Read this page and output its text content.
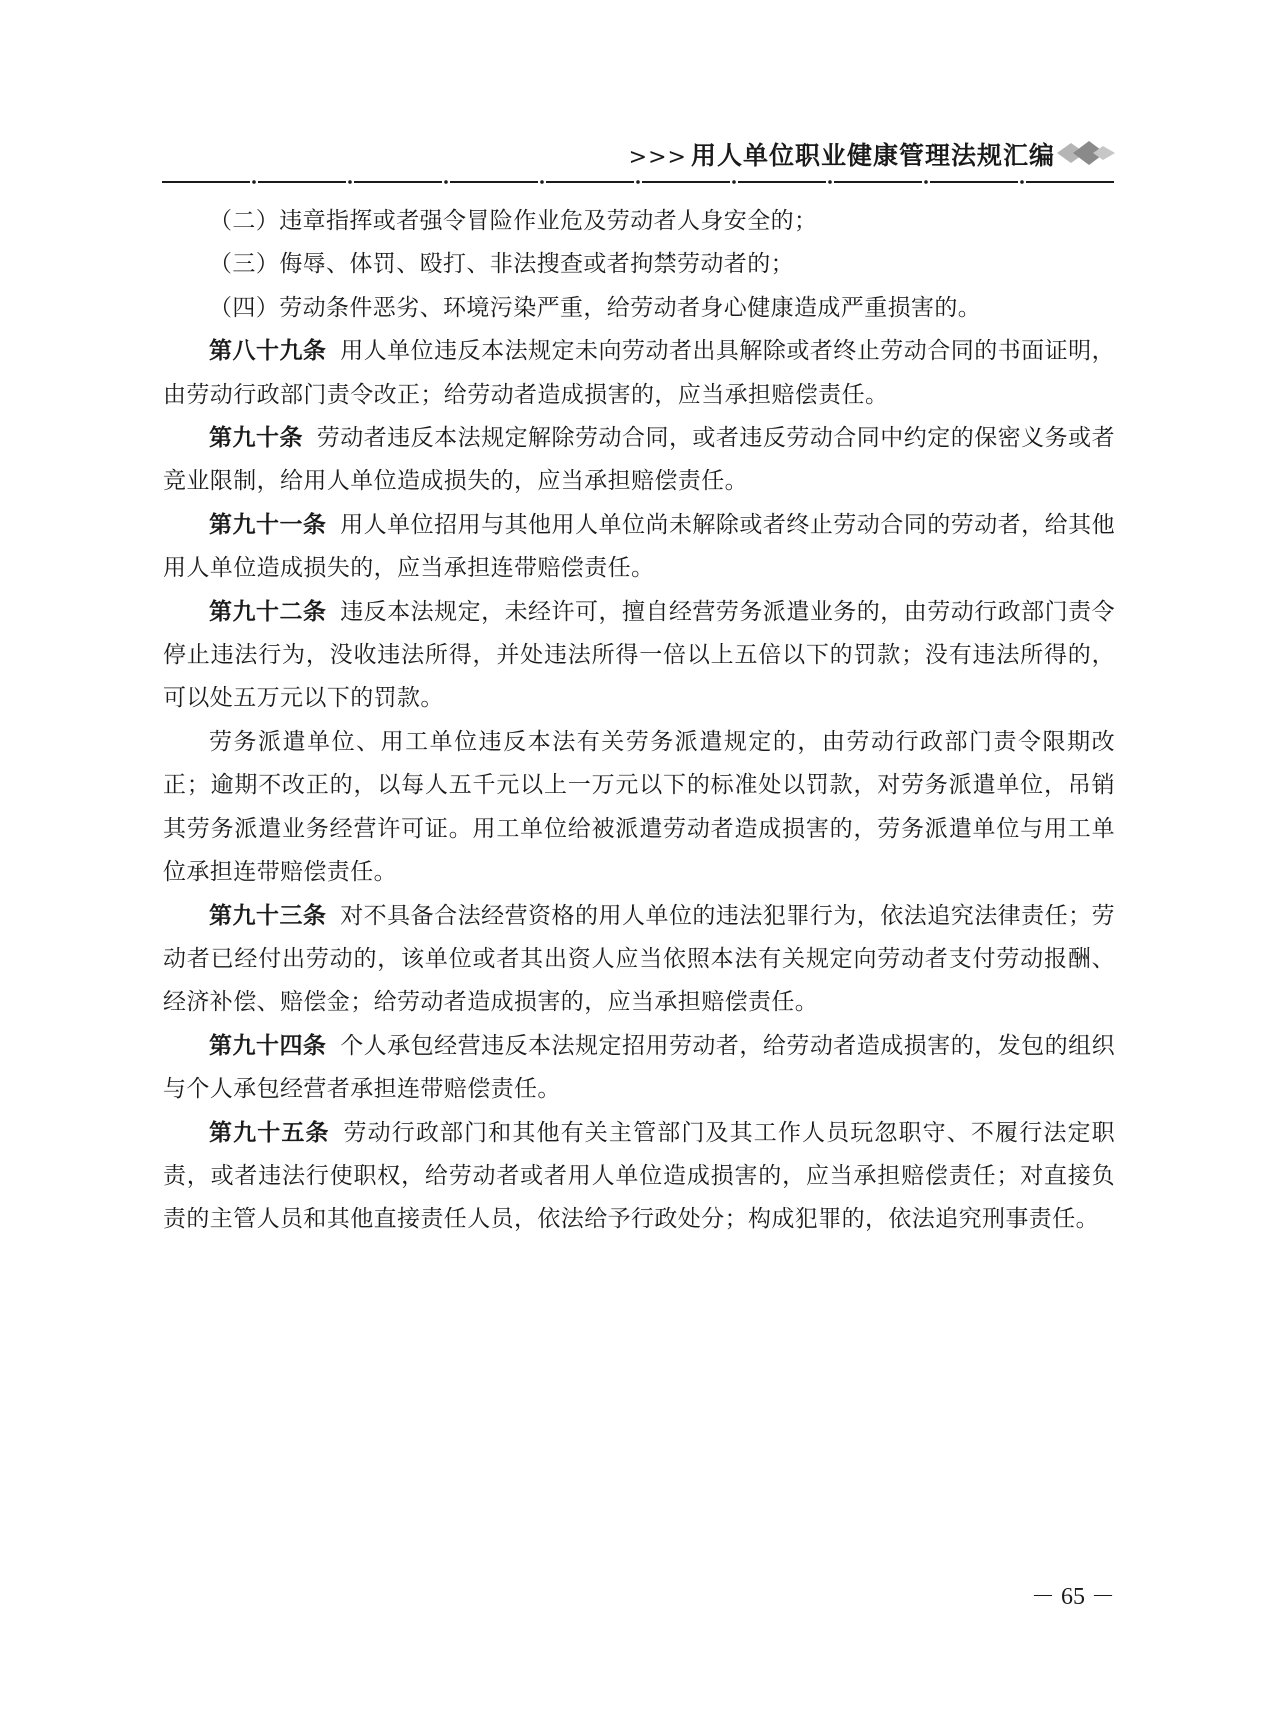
>>> 用人单位职业健康管理法规汇编

（二）违章指挥或者强令冒险作业危及劳动者人身安全的；

（三）侮辱、体罚、殴打、非法搜查或者拘禁劳动者的；

（四）劳动条件恶劣、环境污染严重，给劳动者身心健康造成严重损害的。

第八十九条 用人单位违反本法规定未向劳动者出具解除或者终止劳动合同的书面证明，由劳动行政部门责令改正；给劳动者造成损害的，应当承担赔偿责任。

第九十条 劳动者违反本法规定解除劳动合同，或者违反劳动合同中约定的保密义务或者竞业限制，给用人单位造成损失的，应当承担赔偿责任。

第九十一条 用人单位招用与其他用人单位尚未解除或者终止劳动合同的劳动者，给其他用人单位造成损失的，应当承担连带赔偿责任。

第九十二条 违反本法规定，未经许可，擅自经营劳务派遣业务的，由劳动行政部门责令停止违法行为，没收违法所得，并处违法所得一倍以上五倍以下的罚款；没有违法所得的，可以处五万元以下的罚款。

劳务派遣单位、用工单位违反本法有关劳务派遣规定的，由劳动行政部门责令限期改正；逾期不改正的，以每人五千元以上一万元以下的标准处以罚款，对劳务派遣单位，吊销其劳务派遣业务经营许可证。用工单位给被派遣劳动者造成损害的，劳务派遣单位与用工单位承担连带赔偿责任。

第九十三条 对不具备合法经营资格的用人单位的违法犯罪行为，依法追究法律责任；劳动者已经付出劳动的，该单位或者其出资人应当依照本法有关规定向劳动者支付劳动报酬、经济补偿、赔偿金；给劳动者造成损害的，应当承担赔偿责任。

第九十四条 个人承包经营违反本法规定招用劳动者，给劳动者造成损害的，发包的组织与个人承包经营者承担连带赔偿责任。

第九十五条 劳动行政部门和其他有关主管部门及其工作人员玩忽职守、不履行法定职责，或者违法行使职权，给劳动者或者用人单位造成损害的，应当承担赔偿责任；对直接负责的主管人员和其他直接责任人员，依法给予行政处分；构成犯罪的，依法追究刑事责任。

－ 65 －
